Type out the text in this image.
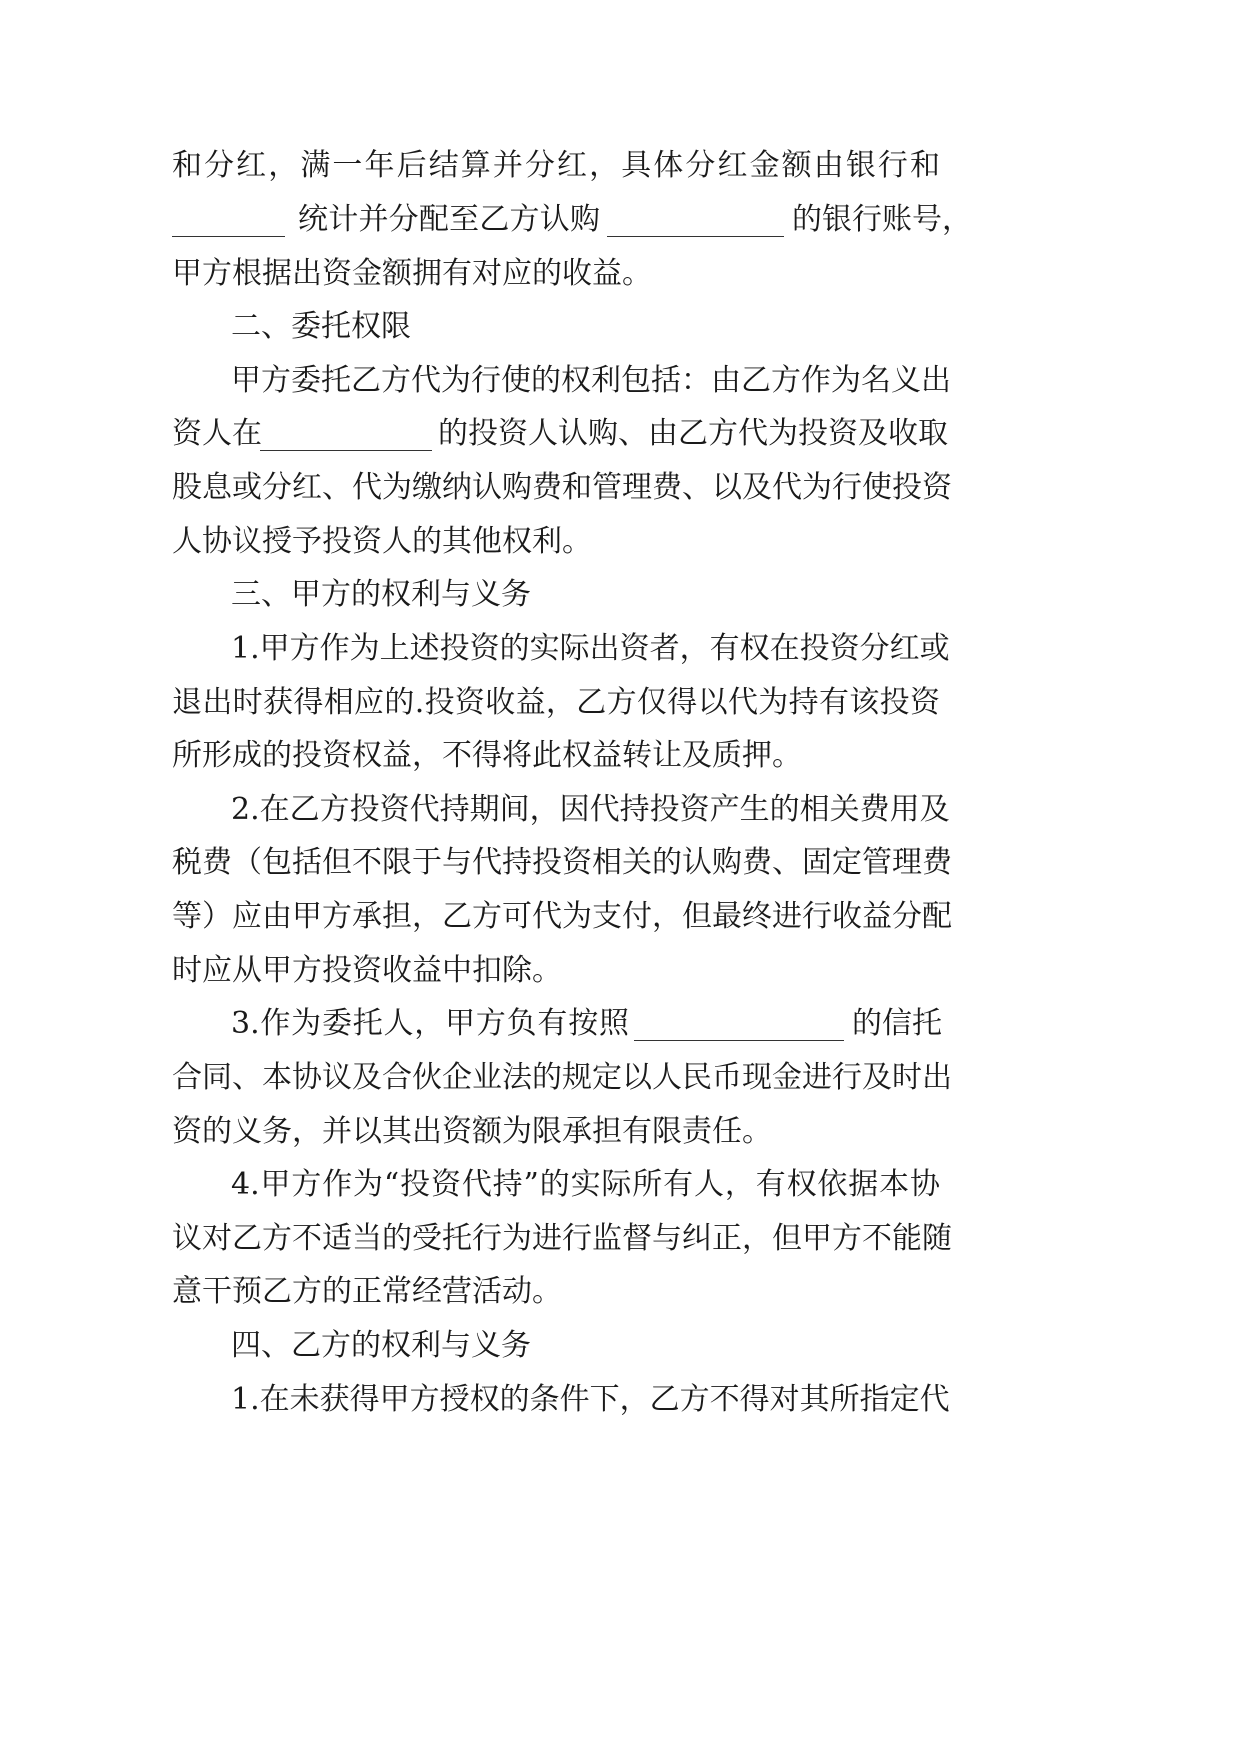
和分红，满一年后结算并分红，具体分红金额由银行和
统计并分配至乙方认购	的银行账号，
甲方根据出资金额拥有对应的收益。
二、委托权限
甲方委托乙方代为行使的权利包括：由乙方作为名义出
资人在	的投资人认购、由乙方代为投资及收取
股息或分红、代为缴纳认购费和管理费、以及代为行使投资
人协议授予投资人的其他权利。
三、甲方的权利与义务
1.甲方作为上述投资的实际出资者，有权在投资分红或
退出时获得相应的.投资收益，乙方仅得以代为持有该投资
所形成的投资权益，不得将此权益转让及质押。
2.在乙方投资代持期间，因代持投资产生的相关费用及
税费（包括但不限于与代持投资相关的认购费、固定管理费
等）应由甲方承担，乙方可代为支付，但最终进行收益分配
时应从甲方投资收益中扣除。
3.作为委托人，甲方负有按照	的信托
合同、本协议及合伙企业法的规定以人民币现金进行及时出
资的义务，并以其出资额为限承担有限责任。
4.甲方作为“投资代持”的实际所有人，有权依据本协
议对乙方不适当的受托行为进行监督与纠正，但甲方不能随
意干预乙方的正常经营活动。
四、乙方的权利与义务
1.在未获得甲方授权的条件下，乙方不得对其所指定代
